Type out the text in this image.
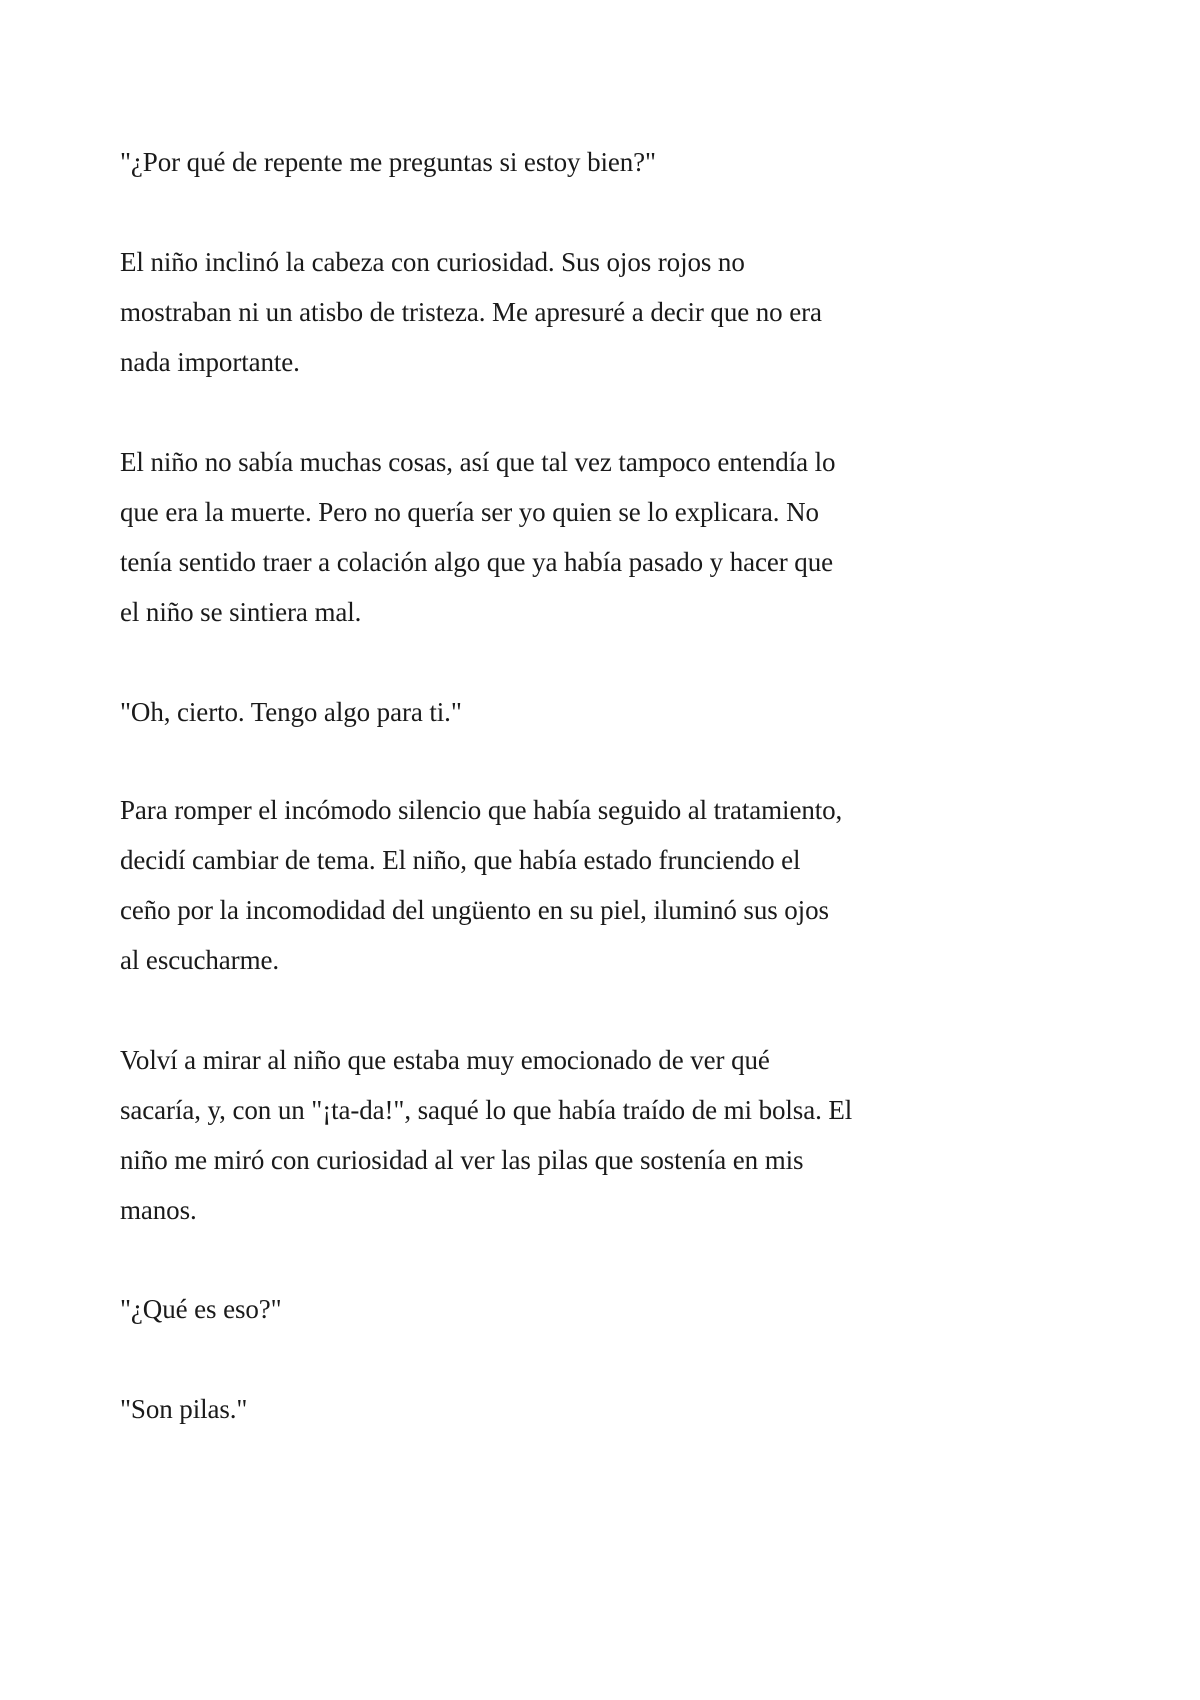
"¿Por qué de repente me preguntas si estoy bien?"
El niño inclinó la cabeza con curiosidad. Sus ojos rojos no
mostraban ni un atisbo de tristeza. Me apresuré a decir que no era
nada importante.
El niño no sabía muchas cosas, así que tal vez tampoco entendía lo
que era la muerte. Pero no quería ser yo quien se lo explicara. No
tenía sentido traer a colación algo que ya había pasado y hacer que
el niño se sintiera mal.
"Oh, cierto. Tengo algo para ti."
Para romper el incómodo silencio que había seguido al tratamiento,
decidí cambiar de tema. El niño, que había estado frunciendo el
ceño por la incomodidad del ungüento en su piel, iluminó sus ojos
al escucharme.
Volví a mirar al niño que estaba muy emocionado de ver qué
sacaría, y, con un "¡ta-da!", saqué lo que había traído de mi bolsa. El
niño me miró con curiosidad al ver las pilas que sostenía en mis
manos.
"¿Qué es eso?"
"Son pilas."
